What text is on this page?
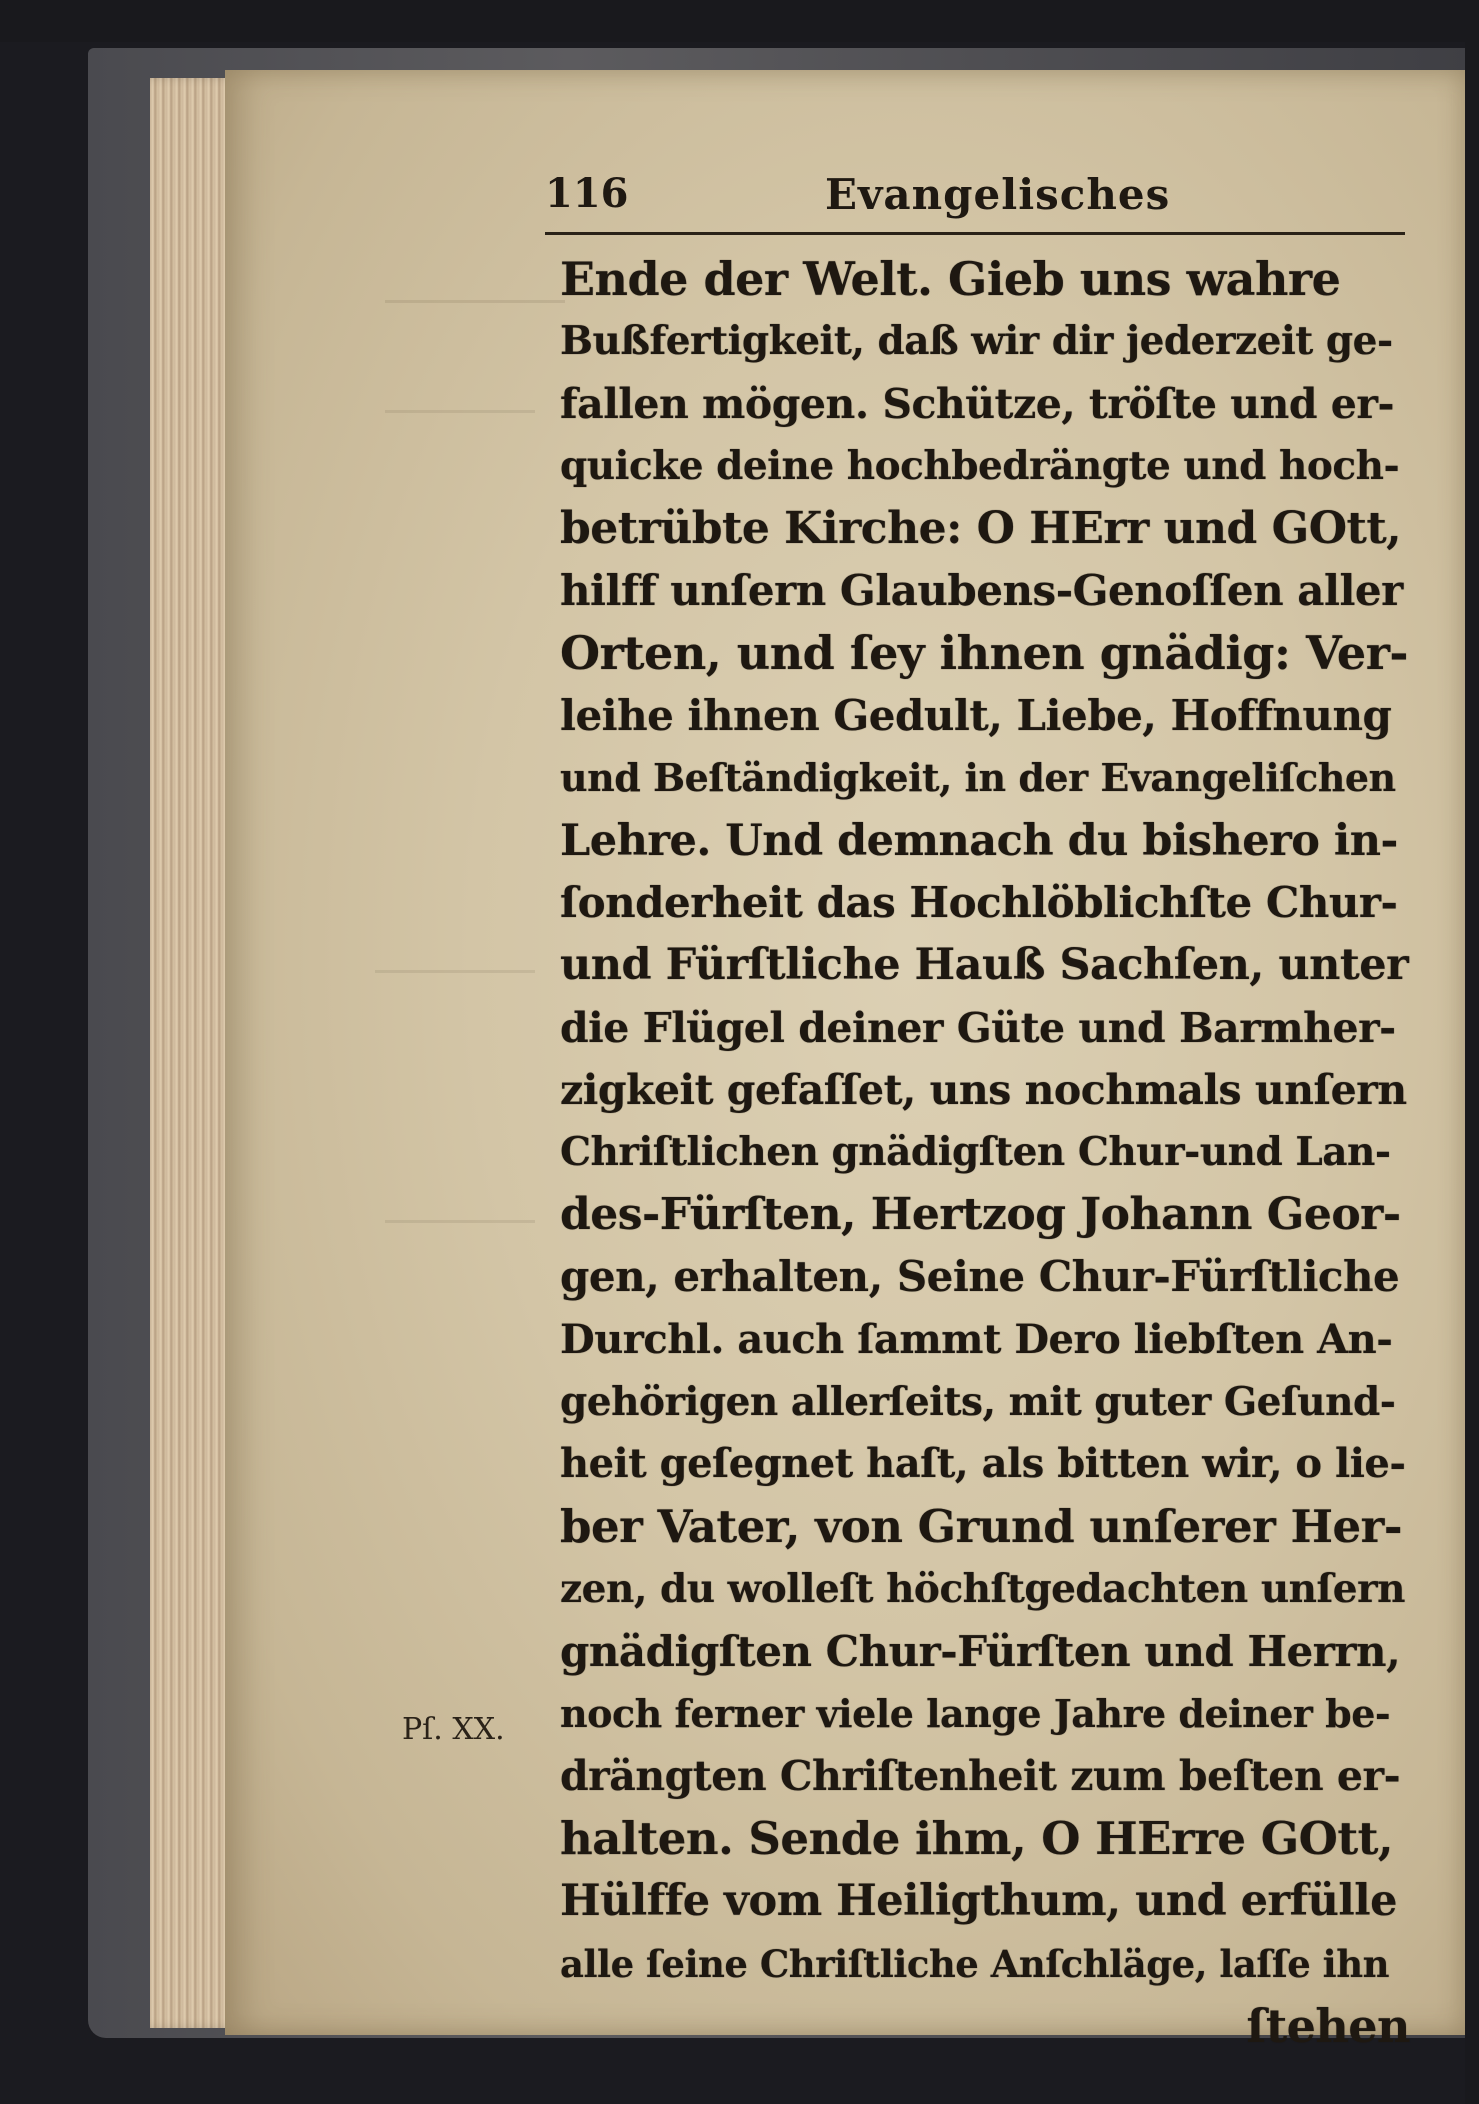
116	Evangelisches
Ende der Welt. Gieb uns wahre
Bußfertigkeit, daß wir dir jederzeit ge-
fallen mögen. Schütze, tröſte und er-
quicke deine hochbedrängte und hoch-
betrübte Kirche: O HErr und GOtt,
hilff unſern Glaubens-Genoſſen aller
Orten, und ſey ihnen gnädig: Ver-
leihe ihnen Gedult, Liebe, Hoffnung
und Beſtändigkeit, in der Evangeliſchen
Lehre. Und demnach du bishero in-
ſonderheit das Hochlöblichſte Chur-
und Fürſtliche Hauß Sachſen, unter
die Flügel deiner Güte und Barmher-
zigkeit gefaſſet, uns nochmals unſern
Chriſtlichen gnädigſten Chur-und Lan-
des-Fürſten, Hertzog Johann Geor-
gen, erhalten, Seine Chur-Fürſtliche
Durchl. auch ſammt Dero liebſten An-
gehörigen allerſeits, mit guter Geſund-
heit geſegnet haſt, als bitten wir, o lie-
ber Vater, von Grund unſerer Her-
zen, du wolleſt höchſtgedachten unſern
gnädigſten Chur-Fürſten und Herrn,
noch ferner viele lange Jahre deiner be-
drängten Chriſtenheit zum beſten er-
halten. Sende ihm, O HErre GOtt,
Hülffe vom Heiligthum, und erfülle
alle ſeine Chriſtliche Anſchläge, laſſe ihn
ſtehen
Pſ. XX.
